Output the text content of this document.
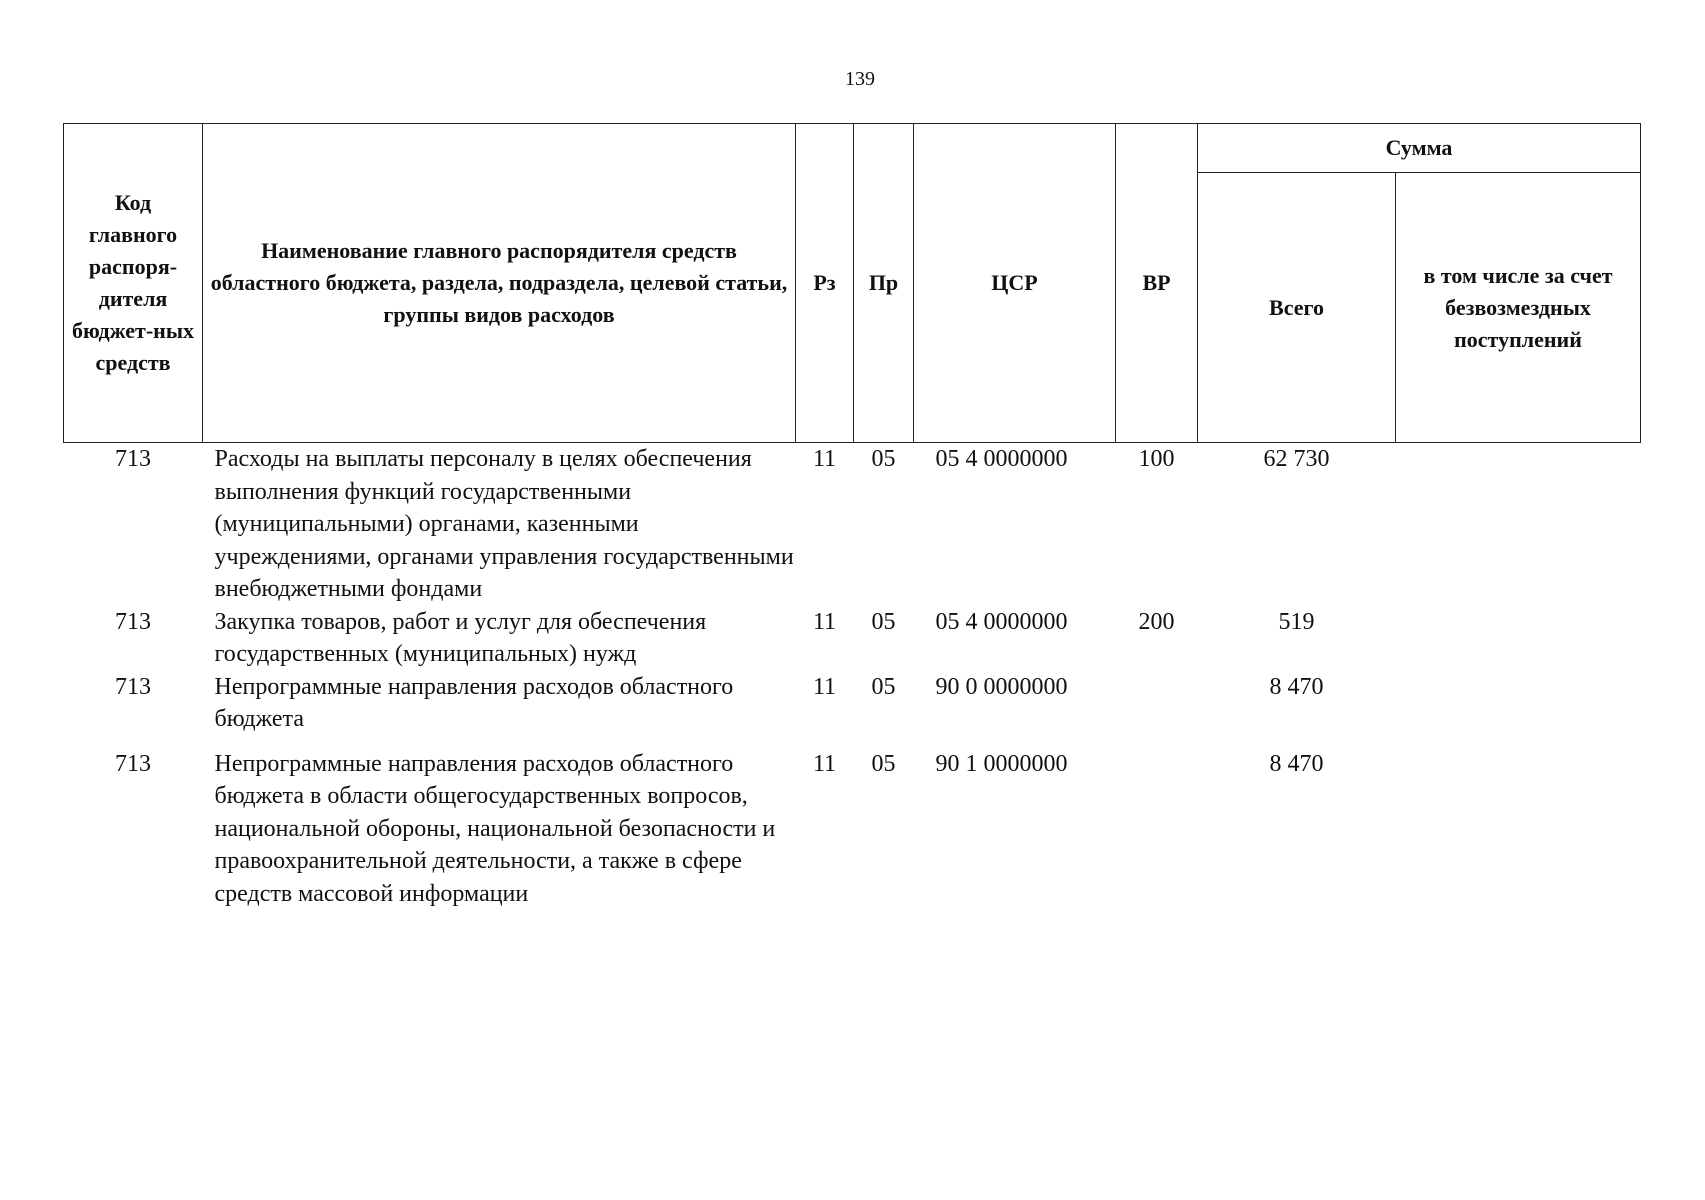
139
Код главного распоря-дителя бюджет-ных средств	Наименование главного распорядителя средств областного бюджета, раздела, подраздела, целевой статьи, группы видов расходов	Рз	Пр	ЦСР	ВР	Сумма	
						Всего	в том числе за счет безвозмездных поступлений
713	Расходы на выплаты персоналу в целях обеспечения выполнения функций государственными (муниципальными) органами, казенными учреждениями, органами управления государственными внебюджетными фондами	11	05	05 4 0000000	100	62 730	
713	Закупка товаров, работ и услуг для обеспечения государственных (муниципальных) нужд	11	05	05 4 0000000	200	519	
713	Непрограммные направления расходов областного бюджета	11	05	90 0 0000000		8 470	
713	Непрограммные направления расходов областного бюджета в области общегосударственных вопросов, национальной обороны, национальной безопасности и правоохранительной деятельности, а также в сфере средств массовой информации	11	05	90 1 0000000		8 470	
